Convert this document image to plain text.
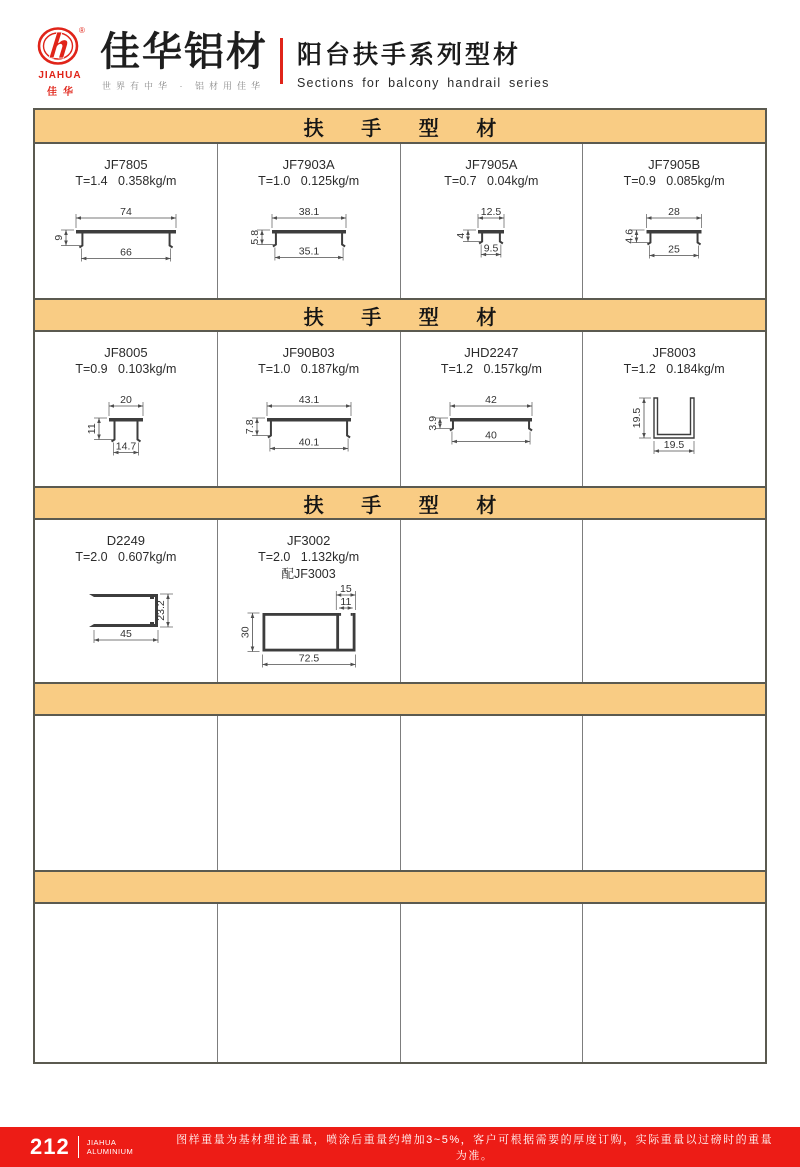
®
JIAHUA
佳华
佳华铝材
世界有中华 · 铝材用佳华
阳台扶手系列型材
Sections for balcony handrail series
扶 手 型 材
JF7805
T=1.4   0.358kg/m
74
66
9
JF7903A
T=1.0   0.125kg/m
38.1
35.1
5.8
JF7905A
T=0.7   0.04kg/m
12.5
9.5
4
JF7905B
T=0.9   0.085kg/m
28
25
4.6
扶 手 型 材
JF8005
T=0.9   0.103kg/m
20
14.7
11
JF90B03
T=1.0   0.187kg/m
43.1
40.1
7.8
JHD2247
T=1.2   0.157kg/m
42
40
3.9
JF8003
T=1.2   0.184kg/m
19.5
19.5
扶 手 型 材
D2249
T=2.0   0.607kg/m
45
23.2
JF3002
T=2.0   1.132kg/m
配JF3003
15
11
30
72.5
212 JIAHUA
ALUMINIUM
图样重量为基材理论重量，喷涂后重量约增加3~5%，客户可根据需要的厚度订购，实际重量以过磅时的重量为准。
